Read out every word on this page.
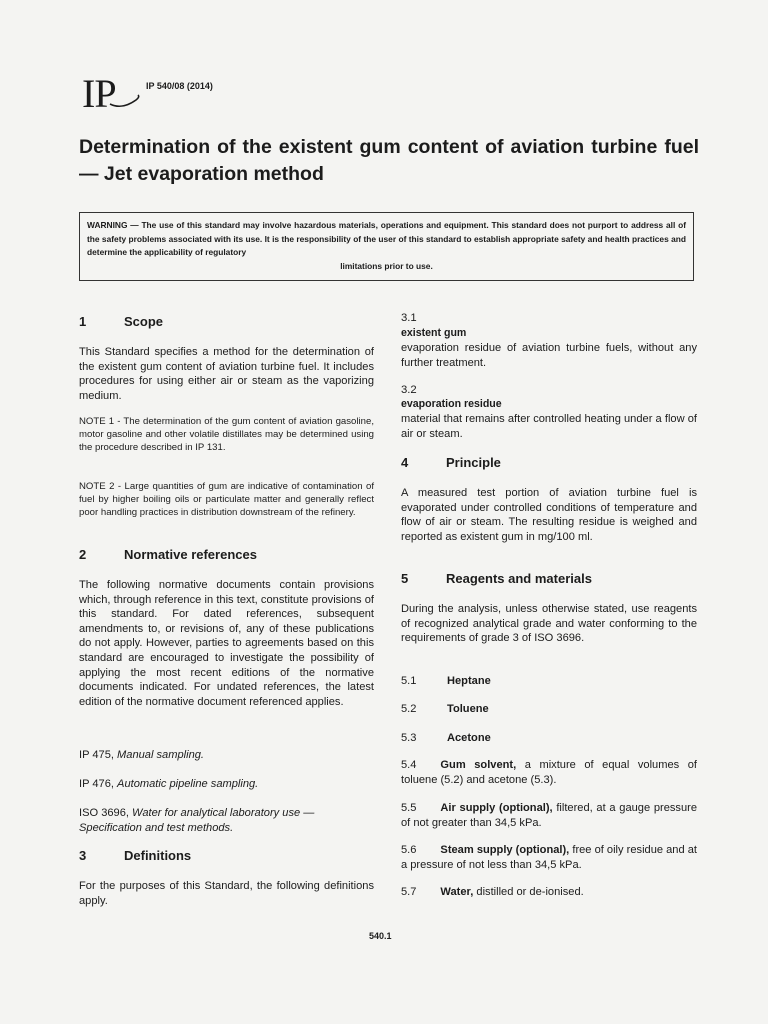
IP	IP 540/08 (2014)
Determination of the existent gum content of aviation turbine fuel — Jet evaporation method
WARNING — The use of this standard may involve hazardous materials, operations and equipment. This standard does not purport to address all of the safety problems associated with its use. It is the responsibility of the user of this standard to establish appropriate safety and health practices and determine the applicability of regulatory
limitations prior to use.
1	Scope
This Standard specifies a method for the determination of the existent gum content of aviation turbine fuel. It includes procedures for using either air or steam as the vaporizing medium.
NOTE 1 - The determination of the gum content of aviation gasoline, motor gasoline and other volatile distillates may be determined using the procedure described in IP 131.
NOTE 2 - Large quantities of gum are indicative of contamination of fuel by higher boiling oils or particulate matter and generally reflect poor handling practices in distribution downstream of the refinery.
2	Normative references
The following normative documents contain provisions which, through reference in this text, constitute provisions of this standard. For dated references, subsequent amendments to, or revisions of, any of these publications do not apply. However, parties to agreements based on this standard are encouraged to investigate the possibility of applying the most recent editions of the normative documents indicated. For undated references, the latest edition of the normative document referenced applies.
IP 475, Manual sampling.
IP 476, Automatic pipeline sampling.
ISO 3696, Water for analytical laboratory use — Specification and test methods.
3	Definitions
For the purposes of this Standard, the following definitions apply.
3.1
existent gum
evaporation residue of aviation turbine fuels, without any further treatment.
3.2
evaporation residue
material that remains after controlled heating under a flow of air or steam.
4	Principle
A measured test portion of aviation turbine fuel is evaporated under controlled conditions of temperature and flow of air or steam. The resulting residue is weighed and reported as existent gum in mg/100 ml.
5	Reagents and materials
During the analysis, unless otherwise stated, use reagents of recognized analytical grade and water conforming to the requirements of grade 3 of ISO 3696.
5.1	Heptane
5.2	Toluene
5.3	Acetone
5.4 Gum solvent, a mixture of equal volumes of toluene (5.2) and acetone (5.3).
5.5 Air supply (optional), filtered, at a gauge pressure of not greater than 34,5 kPa.
5.6 Steam supply (optional), free of oily residue and at a pressure of not less than 34,5 kPa.
5.7 Water, distilled or de-ionised.
540.1
